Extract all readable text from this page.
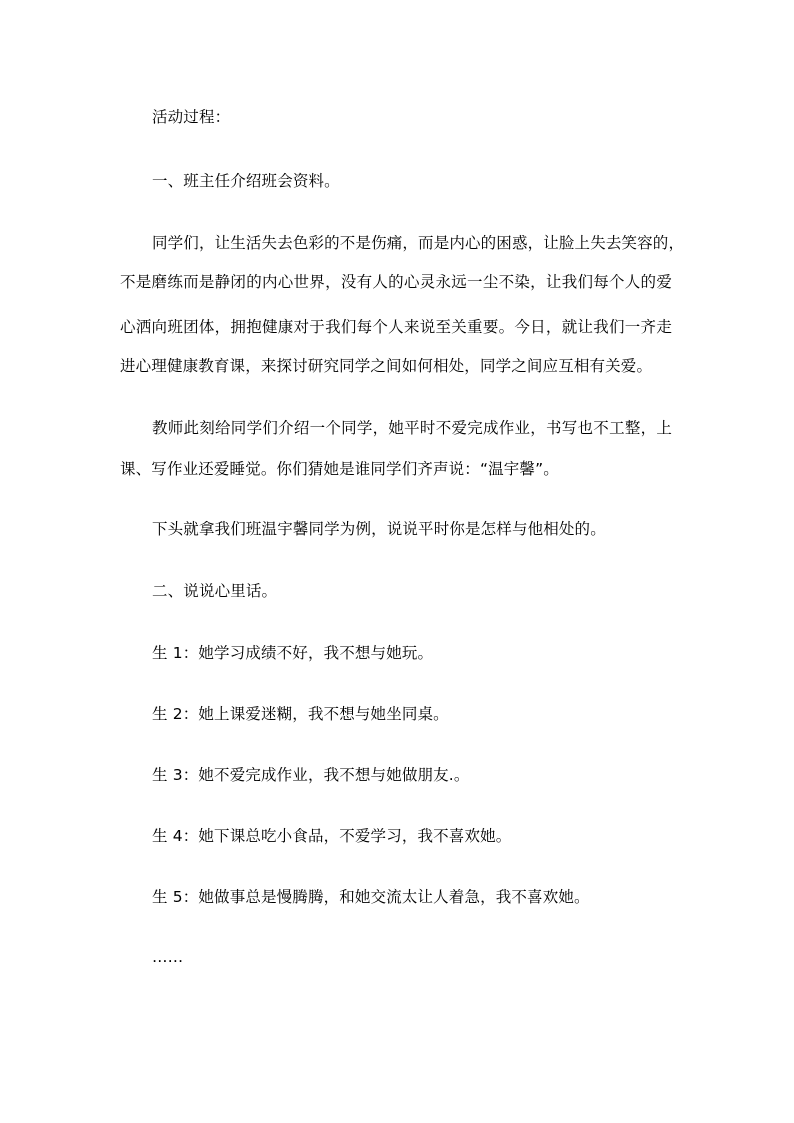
活动过程：

一、班主任介绍班会资料。

同学们，让生活失去色彩的不是伤痛，而是内心的困惑，让脸上失去笑容的，

不是磨练而是静闭的内心世界，没有人的心灵永远一尘不染，让我们每个人的爱

心洒向班团体，拥抱健康对于我们每个人来说至关重要。今日，就让我们一齐走

进心理健康教育课，来探讨研究同学之间如何相处，同学之间应互相有关爱。

教师此刻给同学们介绍一个同学，她平时不爱完成作业，书写也不工整，上

课、写作业还爱睡觉。你们猜她是谁同学们齐声说：“温宇馨”。

下头就拿我们班温宇馨同学为例，说说平时你是怎样与他相处的。

二、说说心里话。

生 1：她学习成绩不好，我不想与她玩。

生 2：她上课爱迷糊，我不想与她坐同桌。

生 3：她不爱完成作业，我不想与她做朋友.。

生 4：她下课总吃小食品，不爱学习，我不喜欢她。

生 5：她做事总是慢腾腾，和她交流太让人着急，我不喜欢她。

……
